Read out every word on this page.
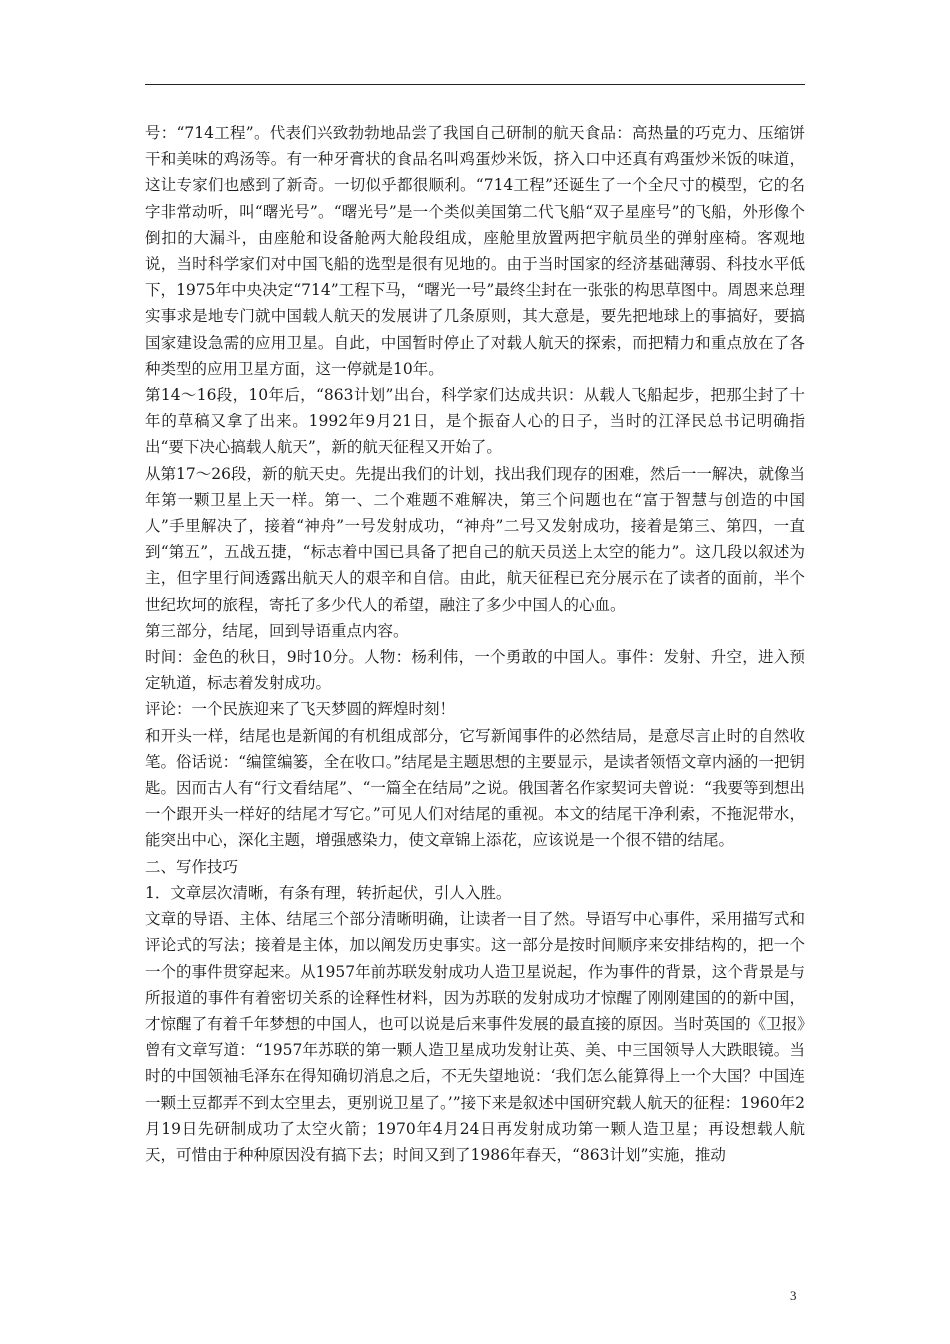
号：“714工程”。代表们兴致勃勃地品尝了我国自己研制的航天食品：高热量的巧克力、压缩饼干和美味的鸡汤等。有一种牙膏状的食品名叫鸡蛋炒米饭，挤入口中还真有鸡蛋炒米饭的味道，这让专家们也感到了新奇。一切似乎都很顺利。“714工程”还诞生了一个全尺寸的模型，它的名字非常动听，叫“曙光号”。“曙光号”是一个类似美国第二代飞船“双子星座号”的飞船，外形像个倒扣的大漏斗，由座舱和设备舱两大舱段组成，座舱里放置两把宇航员坐的弹射座椅。客观地说，当时科学家们对中国飞船的选型是很有见地的。由于当时国家的经济基础薄弱、科技水平低下，1975年中央决定“714”工程下马，“曙光一号”最终尘封在一张张的构思草图中。周恩来总理实事求是地专门就中国载人航天的发展讲了几条原则，其大意是，要先把地球上的事搞好，要搞国家建设急需的应用卫星。自此，中国暂时停止了对载人航天的探索，而把精力和重点放在了各种类型的应用卫星方面，这一停就是10年。

第14～16段，10年后，“863计划”出台，科学家们达成共识：从载人飞船起步，把那尘封了十年的草稿又拿了出来。1992年9月21日，是个振奋人心的日子，当时的江泽民总书记明确指出“要下决心搞载人航天”，新的航天征程又开始了。

从第17～26段，新的航天史。先提出我们的计划，找出我们现存的困难，然后一一解决，就像当年第一颗卫星上天一样。第一、二个难题不难解决，第三个问题也在“富于智慧与创造的中国人”手里解决了，接着“神舟”一号发射成功，“神舟”二号又发射成功，接着是第三、第四，一直到“第五”，五战五捷，“标志着中国已具备了把自己的航天员送上太空的能力”。这几段以叙述为主，但字里行间透露出航天人的艰辛和自信。由此，航天征程已充分展示在了读者的面前，半个世纪坎坷的旅程，寄托了多少代人的希望，融注了多少中国人的心血。

第三部分，结尾，回到导语重点内容。

时间：金色的秋日，9时10分。人物：杨利伟，一个勇敢的中国人。事件：发射、升空，进入预定轨道，标志着发射成功。

评论：一个民族迎来了飞天梦圆的辉煌时刻！

和开头一样，结尾也是新闻的有机组成部分，它写新闻事件的必然结局，是意尽言止时的自然收笔。俗话说：“编筐编篓，全在收口。”结尾是主题思想的主要显示，是读者领悟文章内涵的一把钥匙。因而古人有“行文看结尾”、“一篇全在结局”之说。俄国著名作家契诃夫曾说：“我要等到想出一个跟开头一样好的结尾才写它。”可见人们对结尾的重视。本文的结尾干净利索，不拖泥带水，能突出中心，深化主题，增强感染力，使文章锦上添花，应该说是一个很不错的结尾。

二、写作技巧

1．文章层次清晰，有条有理，转折起伏，引人入胜。

文章的导语、主体、结尾三个部分清晰明确，让读者一目了然。导语写中心事件，采用描写式和评论式的写法；接着是主体，加以阐发历史事实。这一部分是按时间顺序来安排结构的，把一个一个的事件贯穿起来。从1957年前苏联发射成功人造卫星说起，作为事件的背景，这个背景是与所报道的事件有着密切关系的诠释性材料，因为苏联的发射成功才惊醒了刚刚建国的的新中国，才惊醒了有着千年梦想的中国人，也可以说是后来事件发展的最直接的原因。当时英国的《卫报》曾有文章写道：“1957年苏联的第一颗人造卫星成功发射让英、美、中三国领导人大跌眼镜。当时的中国领袖毛泽东在得知确切消息之后，不无失望地说：‘我们怎么能算得上一个大国？中国连一颗土豆都弄不到太空里去，更别说卫星了。’”接下来是叙述中国研究载人航天的征程：1960年2月19日先研制成功了太空火箭；1970年4月24日再发射成功第一颗人造卫星；再设想载人航天，可惜由于种种原因没有搞下去；时间又到了1986年春天，“863计划”实施，推动

3
